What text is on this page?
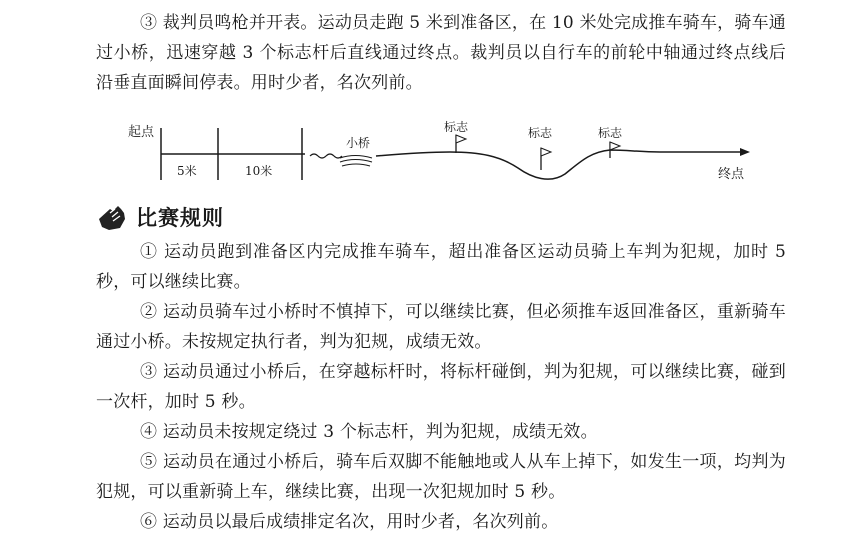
③ 裁判员鸣枪并开表。运动员走跑 5 米到准备区，在 10 米处完成推车骑车，骑车通过小桥，迅速穿越 3 个标志杆后直线通过终点。裁判员以自行车的前轮中轴通过终点线后沿垂直面瞬间停表。用时少者，名次列前。

起点
5米	10米
小桥
标志	标志	标志
终点
比赛规则

① 运动员跑到准备区内完成推车骑车，超出准备区运动员骑上车判为犯规，加时 5 秒，可以继续比赛。

② 运动员骑车过小桥时不慎掉下，可以继续比赛，但必须推车返回准备区，重新骑车通过小桥。未按规定执行者，判为犯规，成绩无效。

③ 运动员通过小桥后，在穿越标杆时，将标杆碰倒，判为犯规，可以继续比赛，碰到一次杆，加时 5 秒。

④ 运动员未按规定绕过 3 个标志杆，判为犯规，成绩无效。

⑤ 运动员在通过小桥后，骑车后双脚不能触地或人从车上掉下，如发生一项，均判为犯规，可以重新骑上车，继续比赛，出现一次犯规加时 5 秒。

⑥ 运动员以最后成绩排定名次，用时少者，名次列前。
